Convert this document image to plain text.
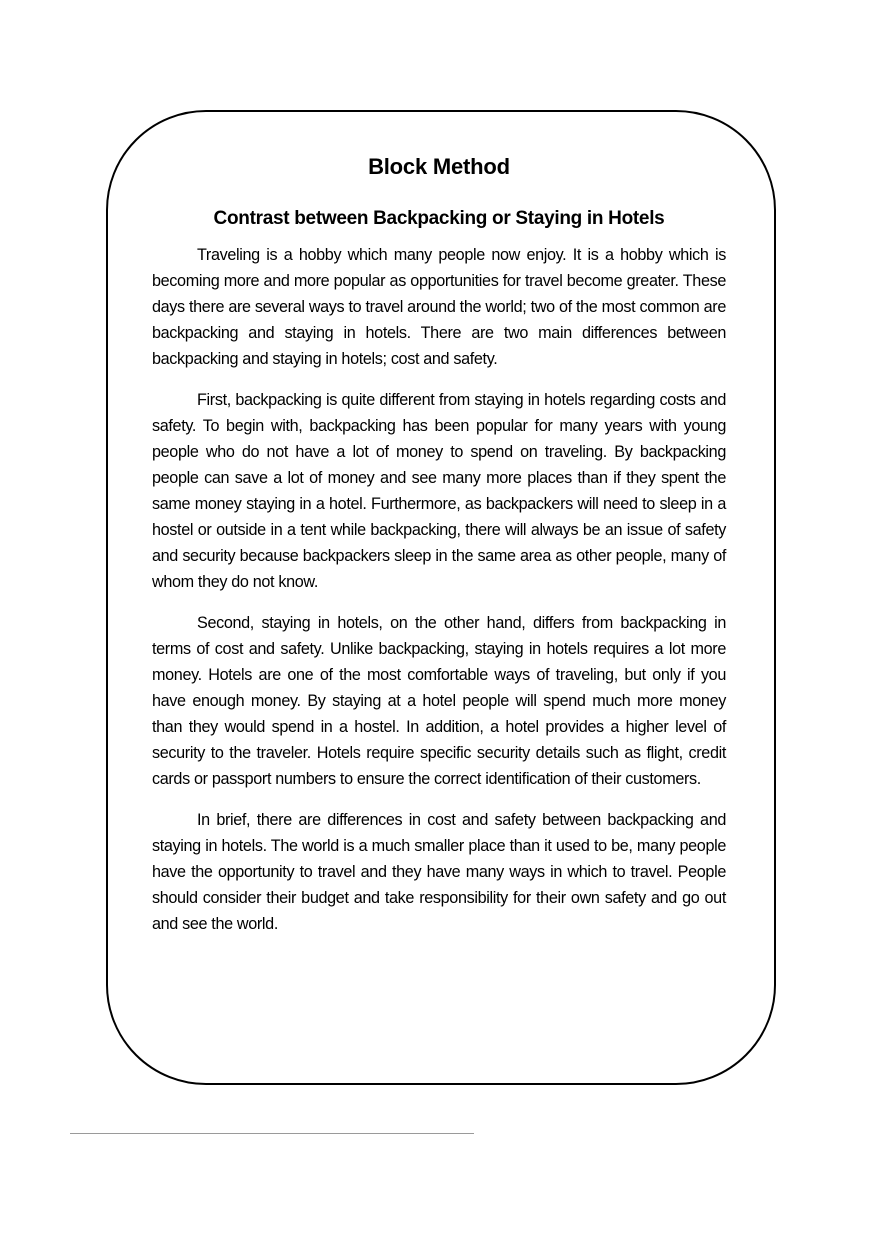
Block Method
Contrast between Backpacking or Staying in Hotels

Traveling is a hobby which many people now enjoy. It is a hobby which is becoming more and more popular as opportunities for travel become greater. These days there are several ways to travel around the world; two of the most common are backpacking and staying in hotels. There are two main differences between backpacking and staying in hotels; cost and safety.

First, backpacking is quite different from staying in hotels regarding costs and safety. To begin with, backpacking has been popular for many years with young people who do not have a lot of money to spend on traveling. By backpacking people can save a lot of money and see many more places than if they spent the same money staying in a hotel. Furthermore, as backpackers will need to sleep in a hostel or outside in a tent while backpacking, there will always be an issue of safety and security because backpackers sleep in the same area as other people, many of whom they do not know.

Second, staying in hotels, on the other hand, differs from backpacking in terms of cost and safety. Unlike backpacking, staying in hotels requires a lot more money. Hotels are one of the most comfortable ways of traveling, but only if you have enough money. By staying at a hotel people will spend much more money than they would spend in a hostel. In addition, a hotel provides a higher level of security to the traveler. Hotels require specific security details such as flight, credit cards or passport numbers to ensure the correct identification of their customers.

In brief, there are differences in cost and safety between backpacking and staying in hotels. The world is a much smaller place than it used to be, many people have the opportunity to travel and they have many ways in which to travel. People should consider their budget and take responsibility for their own safety and go out and see the world.
